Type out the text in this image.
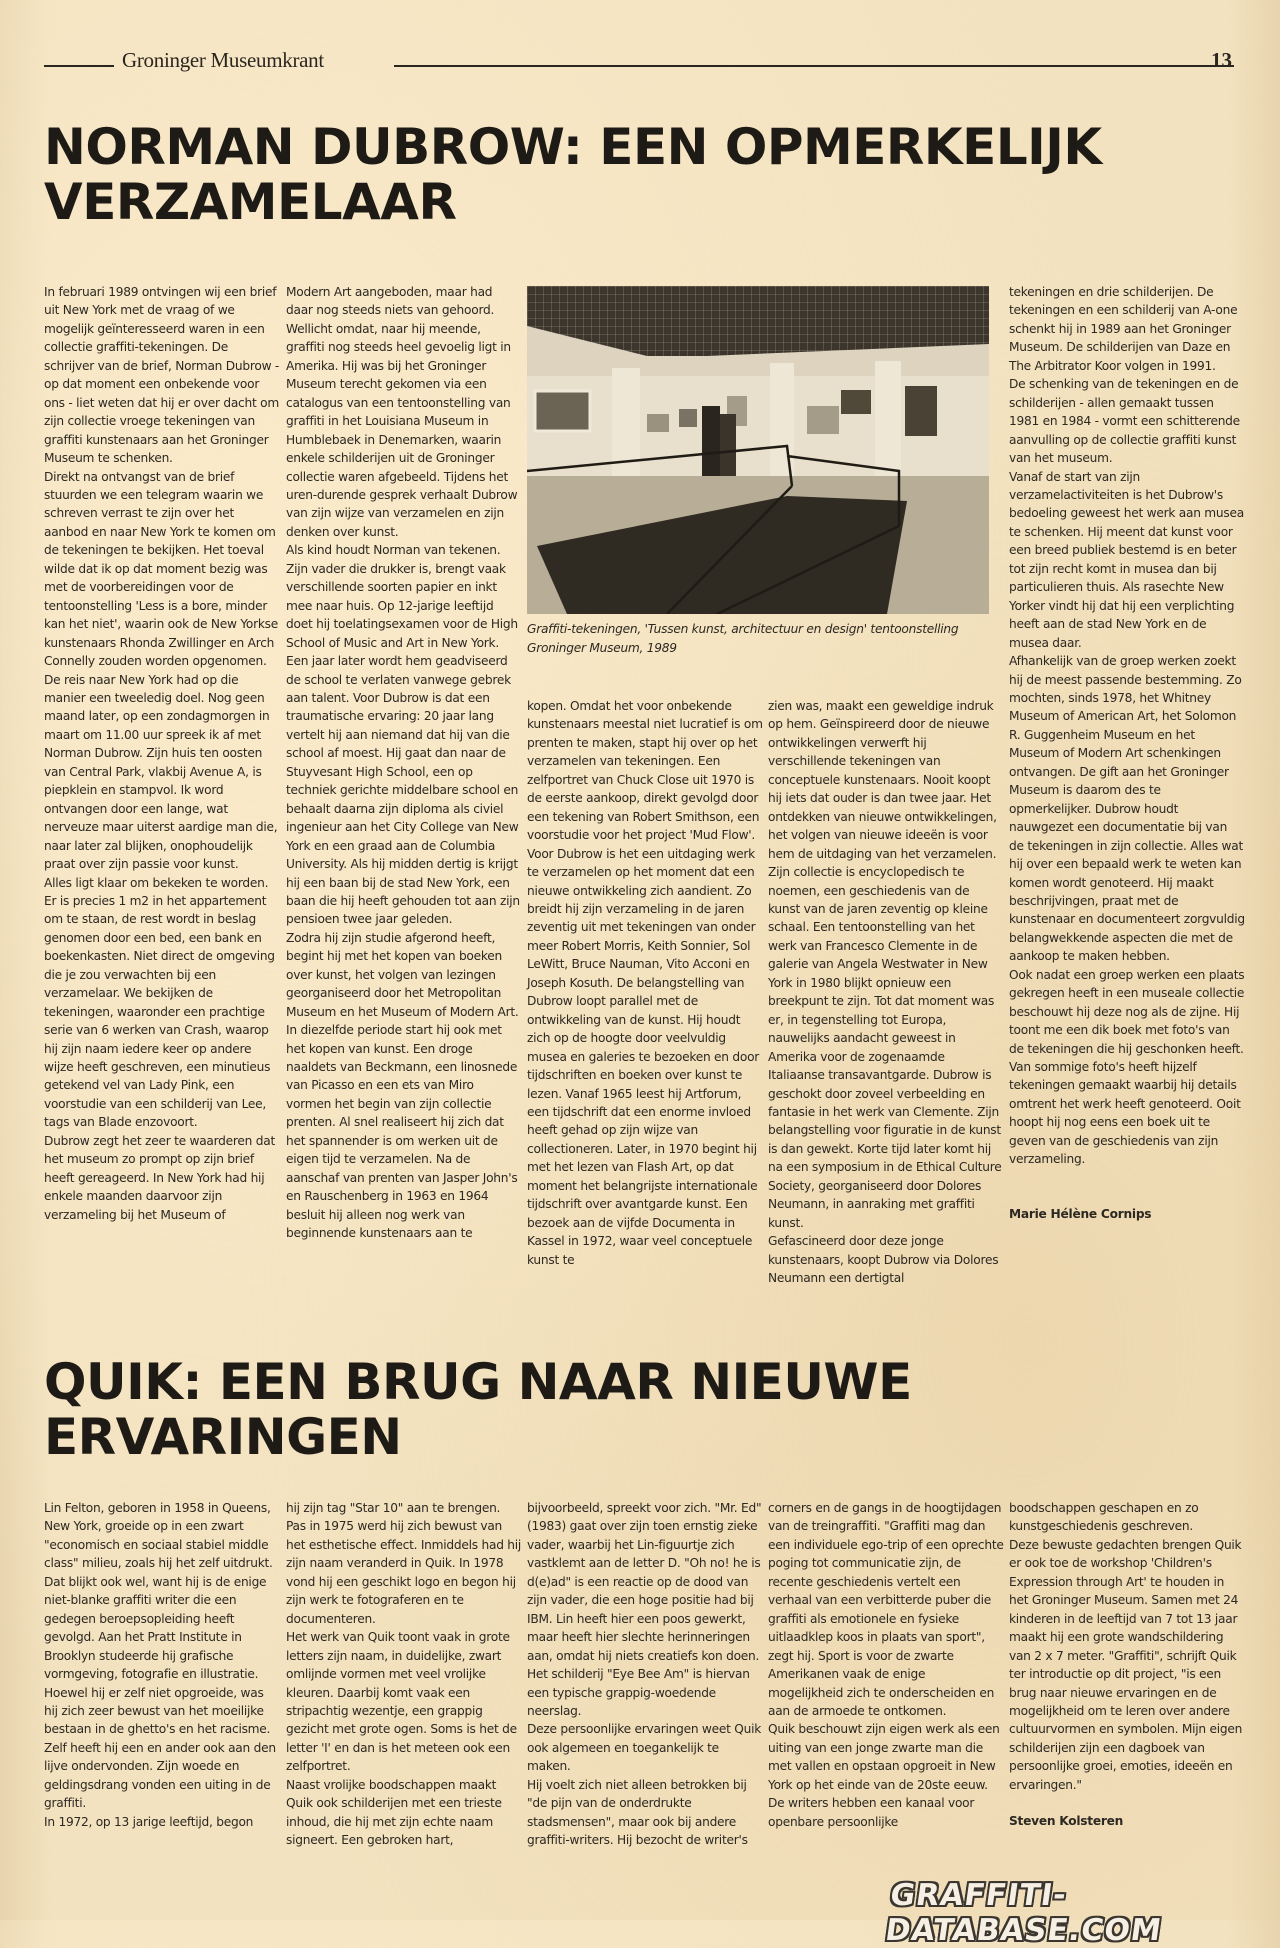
Groninger Museumkrant	13
NORMAN DUBROW: EEN OPMERKELIJK VERZAMELAAR

In februari 1989 ontvingen wij een brief uit New York met de vraag of we mogelijk geïnteresseerd waren in een collectie graffiti-tekeningen. De schrijver van de brief, Norman Dubrow - op dat moment een onbekende voor ons - liet weten dat hij er over dacht om zijn collectie vroege tekeningen van graffiti kunstenaars aan het Groninger Museum te schenken.

Direkt na ontvangst van de brief stuurden we een telegram waarin we schreven verrast te zijn over het aanbod en naar New York te komen om de tekeningen te bekijken. Het toeval wilde dat ik op dat moment bezig was met de voorbereidingen voor de tentoonstelling 'Less is a bore, minder kan het niet', waarin ook de New Yorkse kunstenaars Rhonda Zwillinger en Arch Connelly zouden worden opgenomen. De reis naar New York had op die manier een tweeledig doel. Nog geen maand later, op een zondagmorgen in maart om 11.00 uur spreek ik af met Norman Dubrow. Zijn huis ten oosten van Central Park, vlakbij Avenue A, is piepklein en stampvol. Ik word ontvangen door een lange, wat nerveuze maar uiterst aardige man die, naar later zal blijken, onophoudelijk praat over zijn passie voor kunst.

Alles ligt klaar om bekeken te worden. Er is precies 1 m2 in het appartement om te staan, de rest wordt in beslag genomen door een bed, een bank en boekenkasten. Niet direct de omgeving die je zou verwachten bij een verzamelaar. We bekijken de tekeningen, waaronder een prachtige serie van 6 werken van Crash, waarop hij zijn naam iedere keer op andere wijze heeft geschreven, een minutieus getekend vel van Lady Pink, een voorstudie van een schilderij van Lee, tags van Blade enzovoort.

Dubrow zegt het zeer te waarderen dat het museum zo prompt op zijn brief heeft gereageerd. In New York had hij enkele maanden daarvoor zijn verzameling bij het Museum of

Modern Art aangeboden, maar had daar nog steeds niets van gehoord. Wellicht omdat, naar hij meende, graffiti nog steeds heel gevoelig ligt in Amerika. Hij was bij het Groninger Museum terecht gekomen via een catalogus van een tentoonstelling van graffiti in het Louisiana Museum in Humblebaek in Denemarken, waarin enkele schilderijen uit de Groninger collectie waren afgebeeld. Tijdens het uren-durende gesprek verhaalt Dubrow van zijn wijze van verzamelen en zijn denken over kunst.

Als kind houdt Norman van tekenen. Zijn vader die drukker is, brengt vaak verschillende soorten papier en inkt mee naar huis. Op 12-jarige leeftijd doet hij toelatingsexamen voor de High School of Music and Art in New York. Een jaar later wordt hem geadviseerd de school te verlaten vanwege gebrek aan talent. Voor Dubrow is dat een traumatische ervaring: 20 jaar lang vertelt hij aan niemand dat hij van die school af moest. Hij gaat dan naar de Stuyvesant High School, een op techniek gerichte middelbare school en behaalt daarna zijn diploma als civiel ingenieur aan het City College van New York en een graad aan de Columbia University. Als hij midden dertig is krijgt hij een baan bij de stad New York, een baan die hij heeft gehouden tot aan zijn pensioen twee jaar geleden.

Zodra hij zijn studie afgerond heeft, begint hij met het kopen van boeken over kunst, het volgen van lezingen georganiseerd door het Metropolitan Museum en het Museum of Modern Art. In diezelfde periode start hij ook met het kopen van kunst. Een droge naaldets van Beckmann, een linosnede van Picasso en een ets van Miro vormen het begin van zijn collectie prenten. Al snel realiseert hij zich dat het spannender is om werken uit de eigen tijd te verzamelen. Na de aanschaf van prenten van Jasper John's en Rauschenberg in 1963 en 1964 besluit hij alleen nog werk van beginnende kunstenaars aan te

Graffiti-tekeningen, 'Tussen kunst, architectuur en design' tentoonstelling Groninger Museum, 1989

kopen. Omdat het voor onbekende kunstenaars meestal niet lucratief is om prenten te maken, stapt hij over op het verzamelen van tekeningen. Een zelfportret van Chuck Close uit 1970 is de eerste aankoop, direkt gevolgd door een tekening van Robert Smithson, een voorstudie voor het project 'Mud Flow'.

Voor Dubrow is het een uitdaging werk te verzamelen op het moment dat een nieuwe ontwikkeling zich aandient. Zo breidt hij zijn verzameling in de jaren zeventig uit met tekeningen van onder meer Robert Morris, Keith Sonnier, Sol LeWitt, Bruce Nauman, Vito Acconi en Joseph Kosuth. De belangstelling van Dubrow loopt parallel met de ontwikkeling van de kunst. Hij houdt zich op de hoogte door veelvuldig musea en galeries te bezoeken en door tijdschriften en boeken over kunst te lezen. Vanaf 1965 leest hij Artforum, een tijdschrift dat een enorme invloed heeft gehad op zijn wijze van collectioneren. Later, in 1970 begint hij met het lezen van Flash Art, op dat moment het belangrijste internationale tijdschrift over avantgarde kunst. Een bezoek aan de vijfde Documenta in Kassel in 1972, waar veel conceptuele kunst te

zien was, maakt een geweldige indruk op hem. Geïnspireerd door de nieuwe ontwikkelingen verwerft hij verschillende tekeningen van conceptuele kunstenaars. Nooit koopt hij iets dat ouder is dan twee jaar. Het ontdekken van nieuwe ontwikkelingen, het volgen van nieuwe ideeën is voor hem de uitdaging van het verzamelen. Zijn collectie is encyclopedisch te noemen, een geschiedenis van de kunst van de jaren zeventig op kleine schaal. Een tentoonstelling van het werk van Francesco Clemente in de galerie van Angela Westwater in New York in 1980 blijkt opnieuw een breekpunt te zijn. Tot dat moment was er, in tegenstelling tot Europa, nauwelijks aandacht geweest in Amerika voor de zogenaamde Italiaanse transavantgarde. Dubrow is geschokt door zoveel verbeelding en fantasie in het werk van Clemente. Zijn belangstelling voor figuratie in de kunst is dan gewekt. Korte tijd later komt hij na een symposium in de Ethical Culture Society, georganiseerd door Dolores Neumann, in aanraking met graffiti kunst.

Gefascineerd door deze jonge kunstenaars, koopt Dubrow via Dolores Neumann een dertigtal

tekeningen en drie schilderijen. De tekeningen en een schilderij van A-one schenkt hij in 1989 aan het Groninger Museum. De schilderijen van Daze en The Arbitrator Koor volgen in 1991.

De schenking van de tekeningen en de schilderijen - allen gemaakt tussen 1981 en 1984 - vormt een schitterende aanvulling op de collectie graffiti kunst van het museum.

Vanaf de start van zijn verzamelactiviteiten is het Dubrow's bedoeling geweest het werk aan musea te schenken. Hij meent dat kunst voor een breed publiek bestemd is en beter tot zijn recht komt in musea dan bij particulieren thuis. Als rasechte New Yorker vindt hij dat hij een verplichting heeft aan de stad New York en de musea daar.

Afhankelijk van de groep werken zoekt hij de meest passende bestemming. Zo mochten, sinds 1978, het Whitney Museum of American Art, het Solomon R. Guggenheim Museum en het Museum of Modern Art schenkingen ontvangen. De gift aan het Groninger Museum is daarom des te opmerkelijker. Dubrow houdt nauwgezet een documentatie bij van de tekeningen in zijn collectie. Alles wat hij over een bepaald werk te weten kan komen wordt genoteerd. Hij maakt beschrijvingen, praat met de kunstenaar en documenteert zorgvuldig belangwekkende aspecten die met de aankoop te maken hebben.

Ook nadat een groep werken een plaats gekregen heeft in een museale collectie beschouwt hij deze nog als de zijne. Hij toont me een dik boek met foto's van de tekeningen die hij geschonken heeft. Van sommige foto's heeft hijzelf tekeningen gemaakt waarbij hij details omtrent het werk heeft genoteerd. Ooit hoopt hij nog eens een boek uit te geven van de geschiedenis van zijn verzameling.

Marie Hélène Cornips

QUIK: EEN BRUG NAAR NIEUWE ERVARINGEN

Lin Felton, geboren in 1958 in Queens, New York, groeide op in een zwart "economisch en sociaal stabiel middle class" milieu, zoals hij het zelf uitdrukt. Dat blijkt ook wel, want hij is de enige niet-blanke graffiti writer die een gedegen beroepsopleiding heeft gevolgd. Aan het Pratt Institute in Brooklyn studeerde hij grafische vormgeving, fotografie en illustratie.

Hoewel hij er zelf niet opgroeide, was hij zich zeer bewust van het moeilijke bestaan in de ghetto's en het racisme. Zelf heeft hij een en ander ook aan den lijve ondervonden. Zijn woede en geldingsdrang vonden een uiting in de graffiti.

In 1972, op 13 jarige leeftijd, begon

hij zijn tag "Star 10" aan te brengen. Pas in 1975 werd hij zich bewust van het esthetische effect. Inmiddels had hij zijn naam veranderd in Quik. In 1978 vond hij een geschikt logo en begon hij zijn werk te fotograferen en te documenteren.

Het werk van Quik toont vaak in grote letters zijn naam, in duidelijke, zwart omlijnde vormen met veel vrolijke kleuren. Daarbij komt vaak een stripachtig wezentje, een grappig gezicht met grote ogen. Soms is het de letter 'I' en dan is het meteen ook een zelfportret.

Naast vrolijke boodschappen maakt Quik ook schilderijen met een trieste inhoud, die hij met zijn echte naam signeert. Een gebroken hart,

bijvoorbeeld, spreekt voor zich. "Mr. Ed" (1983) gaat over zijn toen ernstig zieke vader, waarbij het Lin-figuurtje zich vastklemt aan de letter D. "Oh no! he is d(e)ad" is een reactie op de dood van zijn vader, die een hoge positie had bij IBM. Lin heeft hier een poos gewerkt, maar heeft hier slechte herinneringen aan, omdat hij niets creatiefs kon doen. Het schilderij "Eye Bee Am" is hiervan een typische grappig-woedende neerslag.

Deze persoonlijke ervaringen weet Quik ook algemeen en toegankelijk te maken.

Hij voelt zich niet alleen betrokken bij "de pijn van de onderdrukte stadsmensen", maar ook bij andere graffiti-writers. Hij bezocht de writer's

corners en de gangs in de hoogtijdagen van de treingraffiti. "Graffiti mag dan een individuele ego-trip of een oprechte poging tot communicatie zijn, de recente geschiedenis vertelt een verhaal van een verbitterde puber die graffiti als emotionele en fysieke uitlaadklep koos in plaats van sport", zegt hij. Sport is voor de zwarte Amerikanen vaak de enige mogelijkheid zich te onderscheiden en aan de armoede te ontkomen.

Quik beschouwt zijn eigen werk als een uiting van een jonge zwarte man die met vallen en opstaan opgroeit in New York op het einde van de 20ste eeuw. De writers hebben een kanaal voor openbare persoonlijke

boodschappen geschapen en zo kunstgeschiedenis geschreven.

Deze bewuste gedachten brengen Quik er ook toe de workshop 'Children's Expression through Art' te houden in het Groninger Museum. Samen met 24 kinderen in de leeftijd van 7 tot 13 jaar maakt hij een grote wandschildering van 2 x 7 meter. "Graffiti", schrijft Quik ter introductie op dit project, "is een brug naar nieuwe ervaringen en de mogelijkheid om te leren over andere cultuurvormen en symbolen. Mijn eigen schilderijen zijn een dagboek van persoonlijke groei, emoties, ideeën en ervaringen."

Steven Kolsteren

GRAFFITI-DATABASE.COM
